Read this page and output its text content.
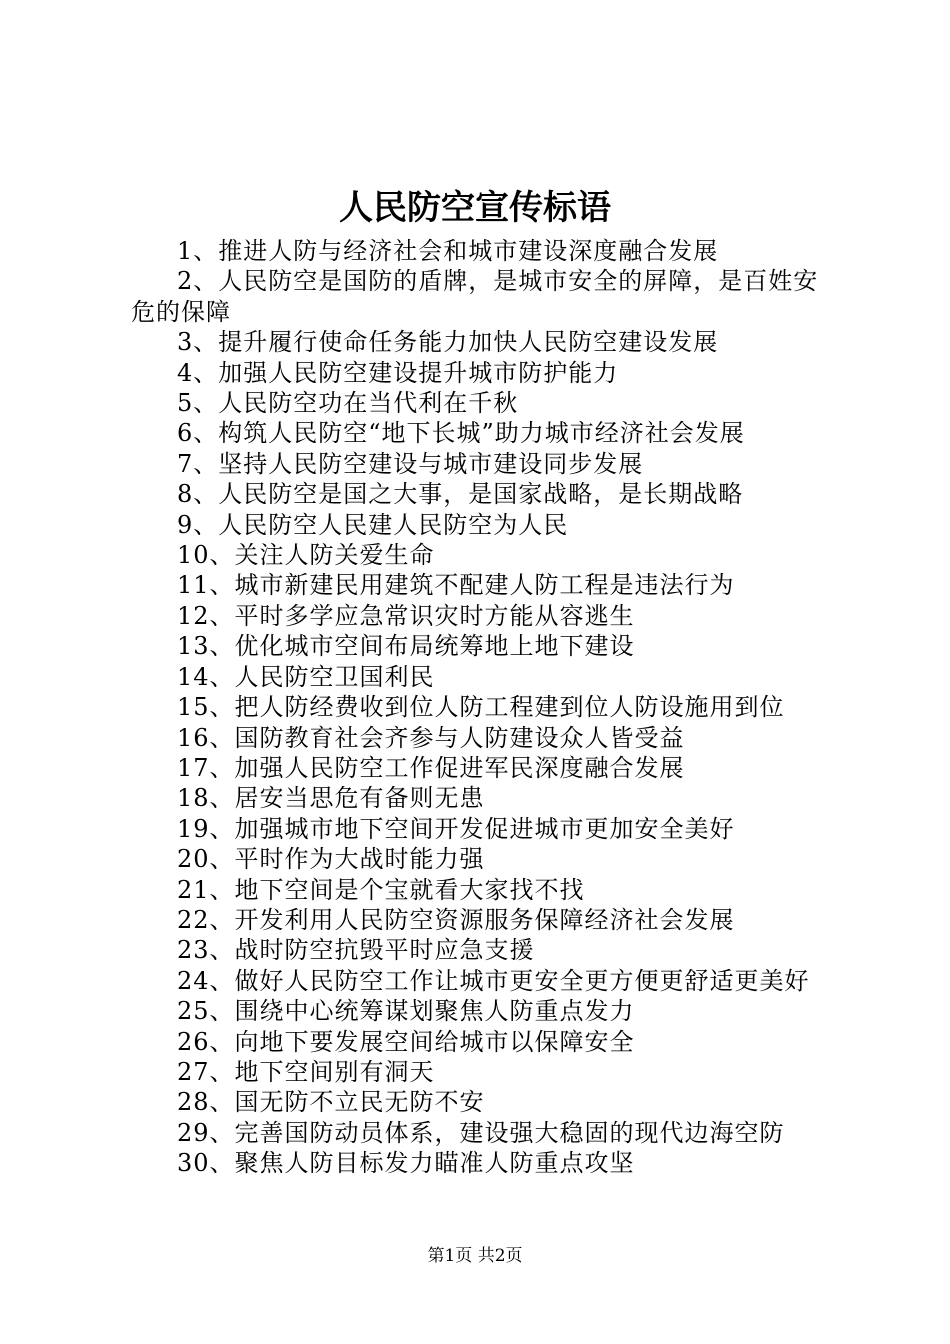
人民防空宣传标语
1、推进人防与经济社会和城市建设深度融合发展
2、人民防空是国防的盾牌，是城市安全的屏障，是百姓安危的保障
3、提升履行使命任务能力加快人民防空建设发展
4、加强人民防空建设提升城市防护能力
5、人民防空功在当代利在千秋
6、构筑人民防空“地下长城”助力城市经济社会发展
7、坚持人民防空建设与城市建设同步发展
8、人民防空是国之大事，是国家战略，是长期战略
9、人民防空人民建人民防空为人民
10、关注人防关爱生命
11、城市新建民用建筑不配建人防工程是违法行为
12、平时多学应急常识灾时方能从容逃生
13、优化城市空间布局统筹地上地下建设
14、人民防空卫国利民
15、把人防经费收到位人防工程建到位人防设施用到位
16、国防教育社会齐参与人防建设众人皆受益
17、加强人民防空工作促进军民深度融合发展
18、居安当思危有备则无患
19、加强城市地下空间开发促进城市更加安全美好
20、平时作为大战时能力强
21、地下空间是个宝就看大家找不找
22、开发利用人民防空资源服务保障经济社会发展
23、战时防空抗毁平时应急支援
24、做好人民防空工作让城市更安全更方便更舒适更美好
25、围绕中心统筹谋划聚焦人防重点发力
26、向地下要发展空间给城市以保障安全
27、地下空间别有洞天
28、国无防不立民无防不安
29、完善国防动员体系，建设强大稳固的现代边海空防
30、聚焦人防目标发力瞄准人防重点攻坚
第1页 共2页
